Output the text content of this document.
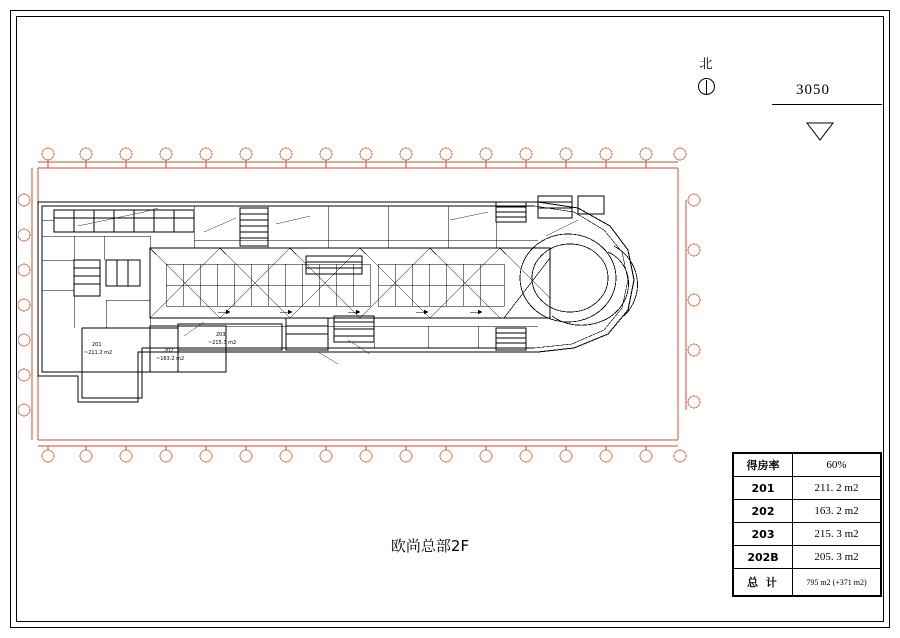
北
3050
201
~211.2 m2	202
~163.2 m2
203
~215.3 m2
欧尚总部2F
得房率	60%
201	211. 2 m2
202	163. 2 m2
203	215. 3 m2
202B	205. 3 m2
总 计	795 m2 (+371 m2)
